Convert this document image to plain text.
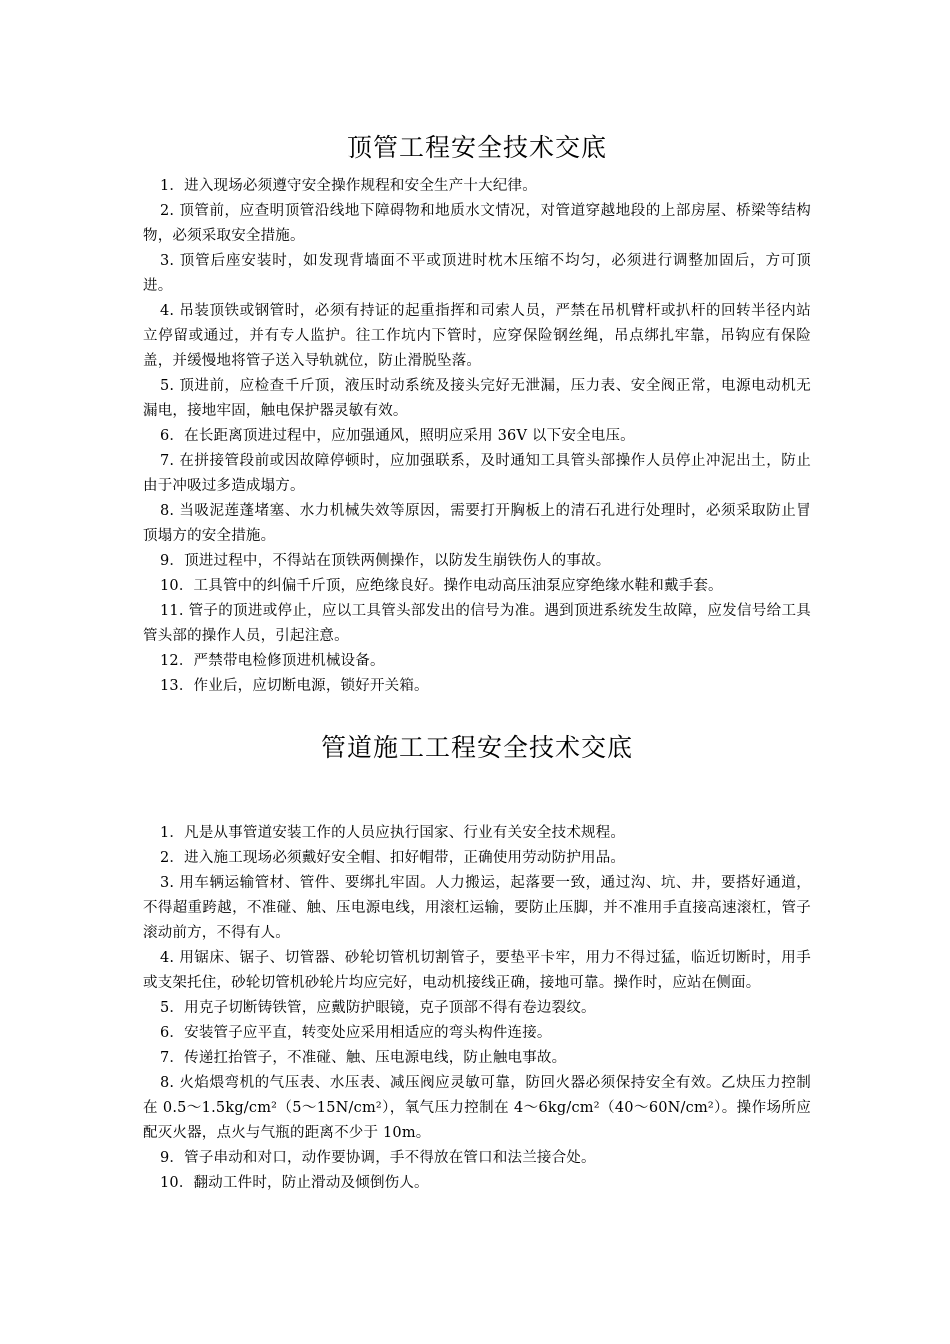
顶管工程安全技术交底
1．进入现场必须遵守安全操作规程和安全生产十大纪律。
2. 顶管前，应查明顶管沿线地下障碍物和地质水文情况，对管道穿越地段的上部房屋、桥梁等结构物，必须采取安全措施。
3. 顶管后座安装时，如发现背墙面不平或顶进时枕木压缩不均匀，必须进行调整加固后，方可顶进。
4. 吊装顶铁或钢管时，必须有持证的起重指挥和司索人员，严禁在吊机臂杆或扒杆的回转半径内站立停留或通过，并有专人监护。往工作坑内下管时，应穿保险钢丝绳，吊点绑扎牢靠，吊钩应有保险盖，并缓慢地将管子送入导轨就位，防止滑脱坠落。
5. 顶进前，应检查千斤顶，液压时动系统及接头完好无泄漏，压力表、安全阀正常，电源电动机无漏电，接地牢固，触电保护器灵敏有效。
6．在长距离顶进过程中，应加强通风，照明应采用 36V 以下安全电压。
7. 在拼接管段前或因故障停顿时，应加强联系，及时通知工具管头部操作人员停止冲泥出土，防止由于冲吸过多造成塌方。
8. 当吸泥莲蓬堵塞、水力机械失效等原因，需要打开胸板上的清石孔进行处理时，必须采取防止冒顶塌方的安全措施。
9．顶进过程中，不得站在顶铁两侧操作，以防发生崩铁伤人的事故。
10．工具管中的纠偏千斤顶，应绝缘良好。操作电动高压油泵应穿绝缘水鞋和戴手套。
11. 管子的顶进或停止，应以工具管头部发出的信号为准。遇到顶进系统发生故障，应发信号给工具管头部的操作人员，引起注意。
12．严禁带电检修顶进机械设备。
13．作业后，应切断电源，锁好开关箱。
管道施工工程安全技术交底
1．凡是从事管道安装工作的人员应执行国家、行业有关安全技术规程。
2．进入施工现场必须戴好安全帽、扣好帽带，正确使用劳动防护用品。
3. 用车辆运输管材、管件、要绑扎牢固。人力搬运，起落要一致，通过沟、坑、井，要搭好通道，不得超重跨越，不准碰、触、压电源电线，用滚杠运输，要防止压脚，并不准用手直接高速滚杠，管子滚动前方，不得有人。
4. 用锯床、锯子、切管器、砂轮切管机切割管子，要垫平卡牢，用力不得过猛，临近切断时，用手或支架托住，砂轮切管机砂轮片均应完好，电动机接线正确，接地可靠。操作时，应站在侧面。
5．用克子切断铸铁管，应戴防护眼镜，克子顶部不得有卷边裂纹。
6．安装管子应平直，转变处应采用相适应的弯头构件连接。
7．传递扛抬管子，不准碰、触、压电源电线，防止触电事故。
8. 火焰煨弯机的气压表、水压表、减压阀应灵敏可靠，防回火器必须保持安全有效。乙炔压力控制在 0.5～1.5kg/cm²（5～15N/cm²），氧气压力控制在 4～6kg/cm²（40～60N/cm²）。操作场所应配灭火器，点火与气瓶的距离不少于 10m。
9．管子串动和对口，动作要协调，手不得放在管口和法兰接合处。
10．翻动工件时，防止滑动及倾倒伤人。
